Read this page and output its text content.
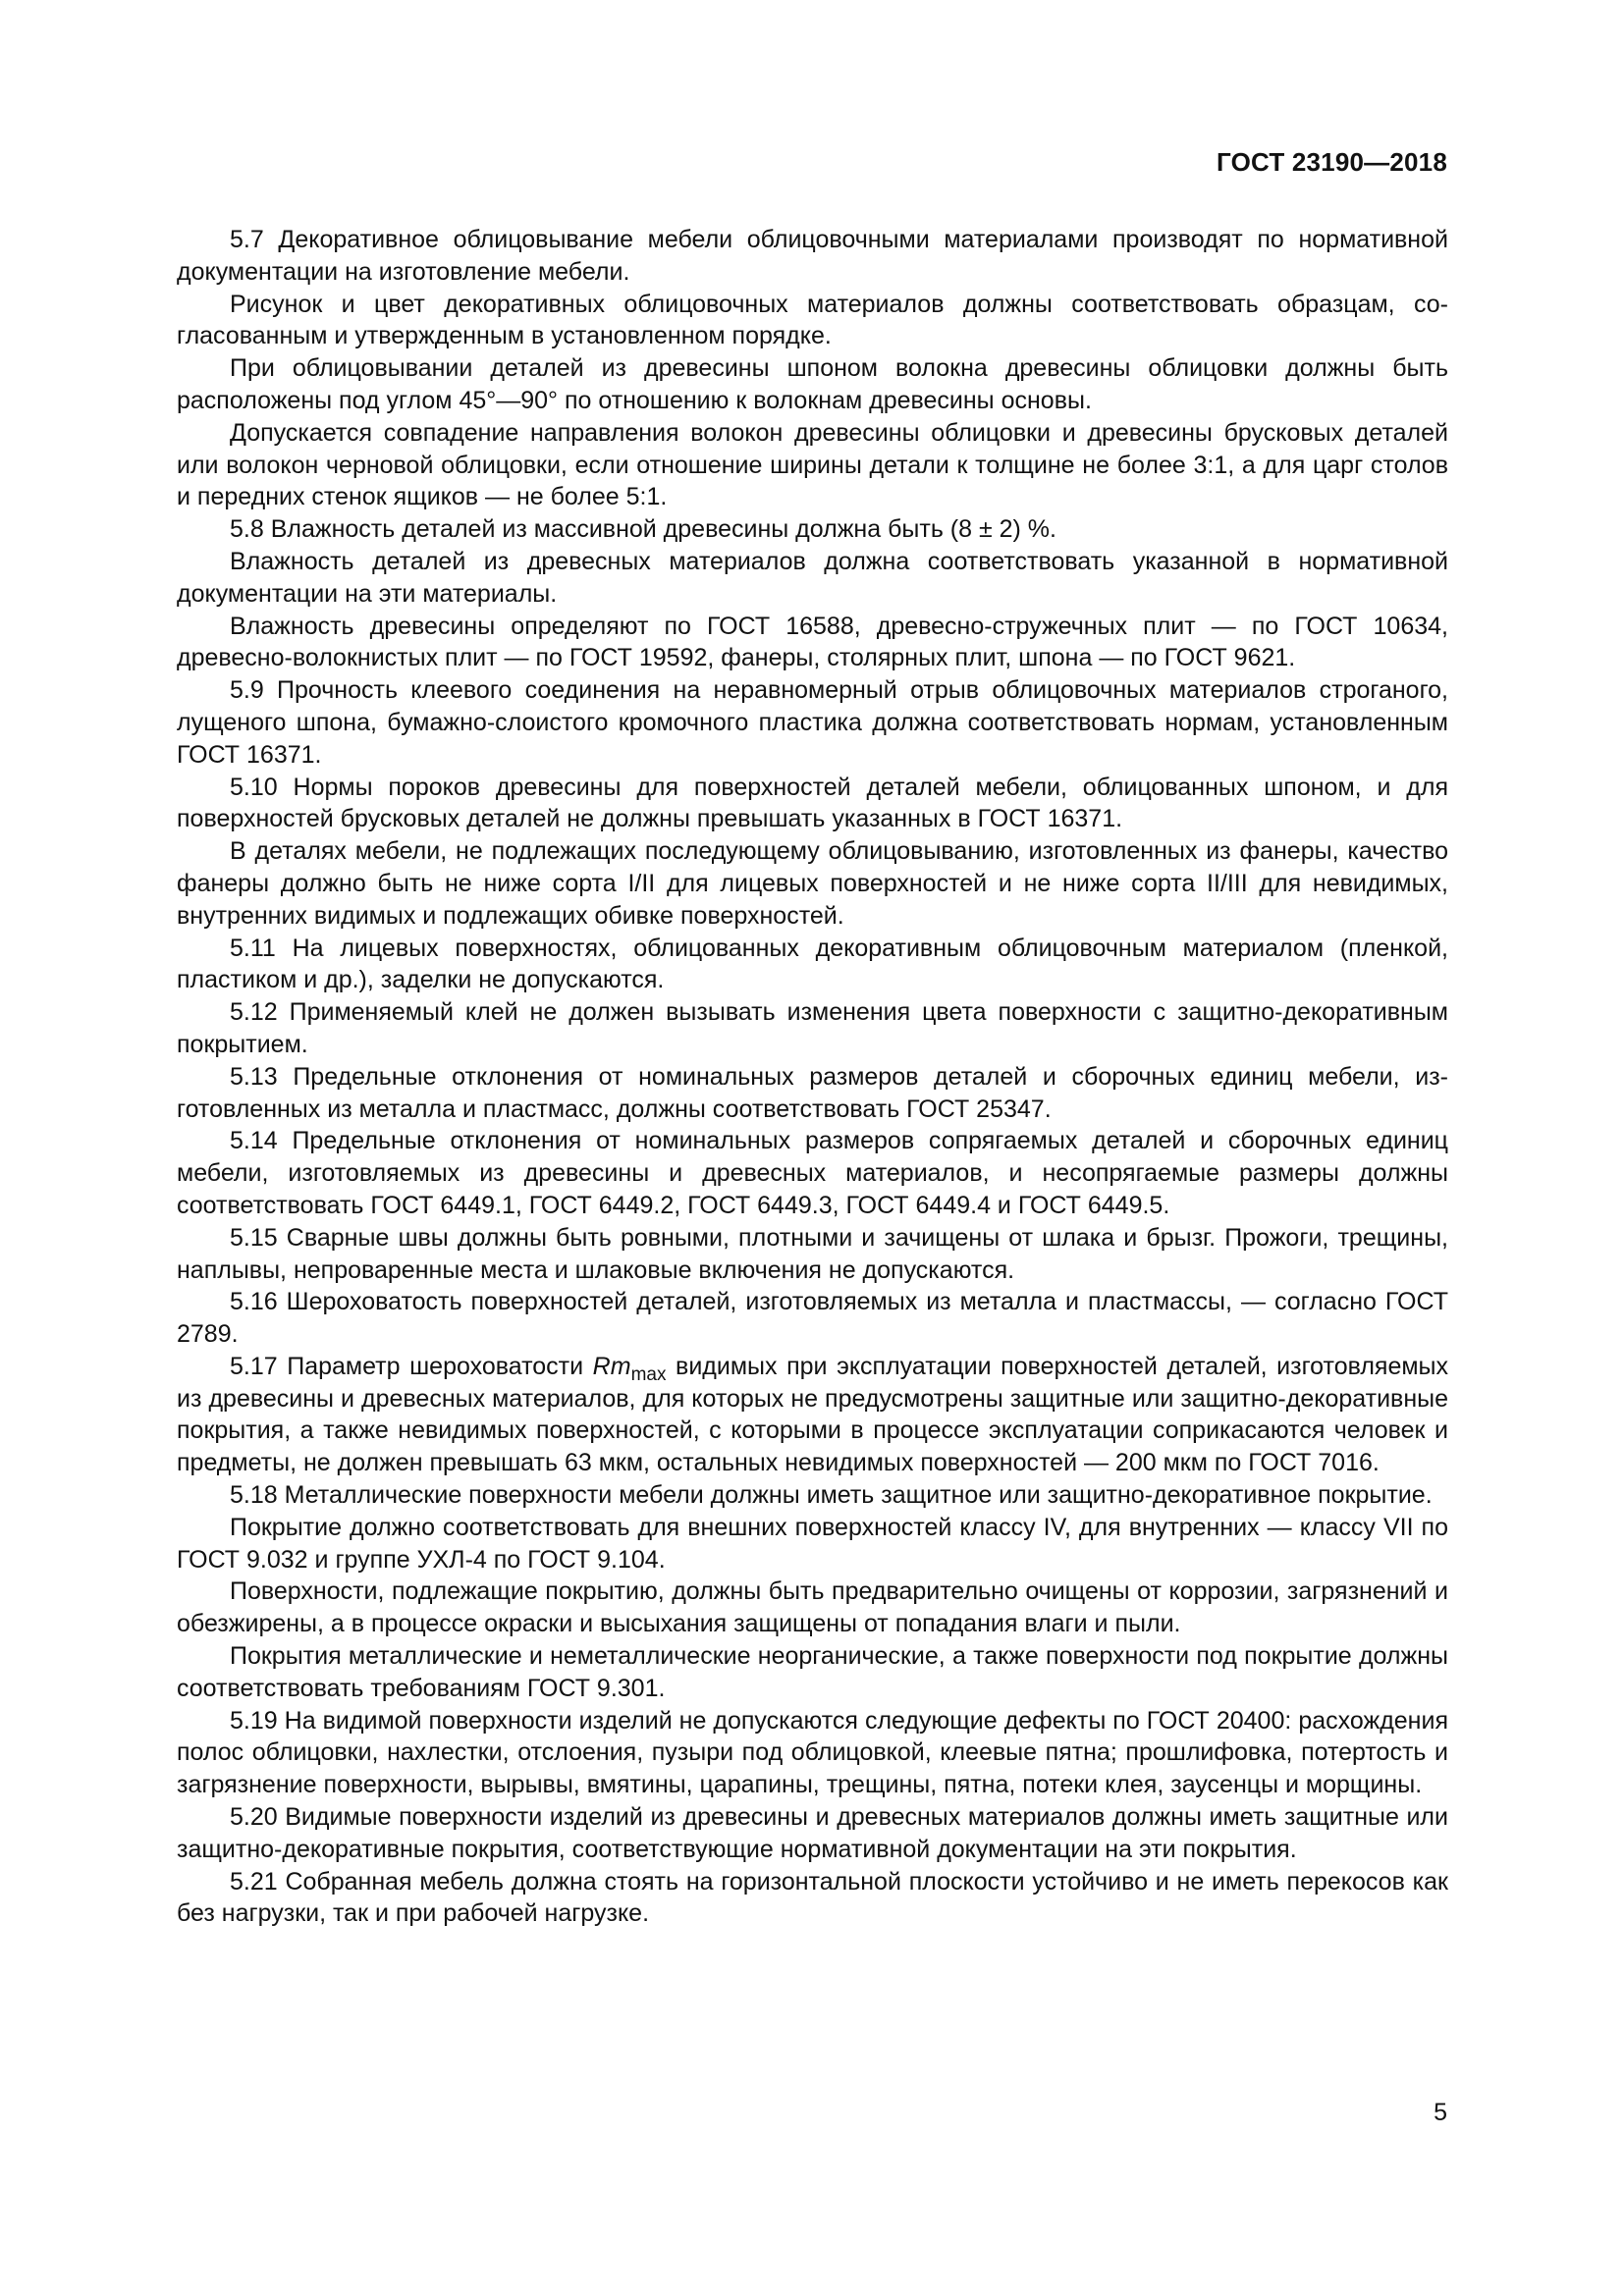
ГОСТ 23190—2018

5.7 Декоративное облицовывание мебели облицовочными материалами производят по нормативной документации на изготовление мебели.

Рисунок и цвет декоративных облицовочных материалов должны соответствовать образцам, согласованным и утвержденным в установленном порядке.

При облицовывании деталей из древесины шпоном волокна древесины облицовки должны быть расположены под углом 45°—90° по отношению к волокнам древесины основы.

Допускается совпадение направления волокон древесины облицовки и древесины брусковых деталей или волокон черновой облицовки, если отношение ширины детали к толщине не более 3:1, а для царг столов и передних стенок ящиков — не более 5:1.

5.8 Влажность деталей из массивной древесины должна быть (8 ± 2) %.

Влажность деталей из древесных материалов должна соответствовать указанной в нормативной документации на эти материалы.

Влажность древесины определяют по ГОСТ 16588, древесно-стружечных плит — по ГОСТ 10634, древесно-волокнистых плит — по ГОСТ 19592, фанеры, столярных плит, шпона — по ГОСТ 9621.

5.9 Прочность клеевого соединения на неравномерный отрыв облицовочных материалов строганого, лущеного шпона, бумажно-слоистого кромочного пластика должна соответствовать нормам, установленным ГОСТ 16371.

5.10 Нормы пороков древесины для поверхностей деталей мебели, облицованных шпоном, и для поверхностей брусковых деталей не должны превышать указанных в ГОСТ 16371.

В деталях мебели, не подлежащих последующему облицовыванию, изготовленных из фанеры, качество фанеры должно быть не ниже сорта I/II для лицевых поверхностей и не ниже сорта II/III для невидимых, внутренних видимых и подлежащих обивке поверхностей.

5.11 На лицевых поверхностях, облицованных декоративным облицовочным материалом (пленкой, пластиком и др.), заделки не допускаются.

5.12 Применяемый клей не должен вызывать изменения цвета поверхности с защитно-декоративным покрытием.

5.13 Предельные отклонения от номинальных размеров деталей и сборочных единиц мебели, изготовленных из металла и пластмасс, должны соответствовать ГОСТ 25347.

5.14 Предельные отклонения от номинальных размеров сопрягаемых деталей и сборочных единиц мебели, изготовляемых из древесины и древесных материалов, и несопрягаемые размеры должны соответствовать ГОСТ 6449.1, ГОСТ 6449.2, ГОСТ 6449.3, ГОСТ 6449.4 и ГОСТ 6449.5.

5.15 Сварные швы должны быть ровными, плотными и зачищены от шлака и брызг. Прожоги, трещины, наплывы, непроваренные места и шлаковые включения не допускаются.

5.16 Шероховатость поверхностей деталей, изготовляемых из металла и пластмассы, — согласно ГОСТ 2789.

5.17 Параметр шероховатости $Rm_{max}$ видимых при эксплуатации поверхностей деталей, изготовляемых из древесины и древесных материалов, для которых не предусмотрены защитные или защитно-декоративные покрытия, а также невидимых поверхностей, с которыми в процессе эксплуатации соприкасаются человек и предметы, не должен превышать 63 мкм, остальных невидимых поверхностей — 200 мкм по ГОСТ 7016.

5.18 Металлические поверхности мебели должны иметь защитное или защитно-декоративное покрытие.

Покрытие должно соответствовать для внешних поверхностей классу IV, для внутренних — классу VII по ГОСТ 9.032 и группе УХЛ-4 по ГОСТ 9.104.

Поверхности, подлежащие покрытию, должны быть предварительно очищены от коррозии, загрязнений и обезжирены, а в процессе окраски и высыхания защищены от попадания влаги и пыли.

Покрытия металлические и неметаллические неорганические, а также поверхности под покрытие должны соответствовать требованиям ГОСТ 9.301.

5.19 На видимой поверхности изделий не допускаются следующие дефекты по ГОСТ 20400: расхождения полос облицовки, нахлестки, отслоения, пузыри под облицовкой, клеевые пятна; прошлифовка, потертость и загрязнение поверхности, вырывы, вмятины, царапины, трещины, пятна, потеки клея, заусенцы и морщины.

5.20 Видимые поверхности изделий из древесины и древесных материалов должны иметь защитные или защитно-декоративные покрытия, соответствующие нормативной документации на эти покрытия.

5.21 Собранная мебель должна стоять на горизонтальной плоскости устойчиво и не иметь перекосов как без нагрузки, так и при рабочей нагрузке.

5
